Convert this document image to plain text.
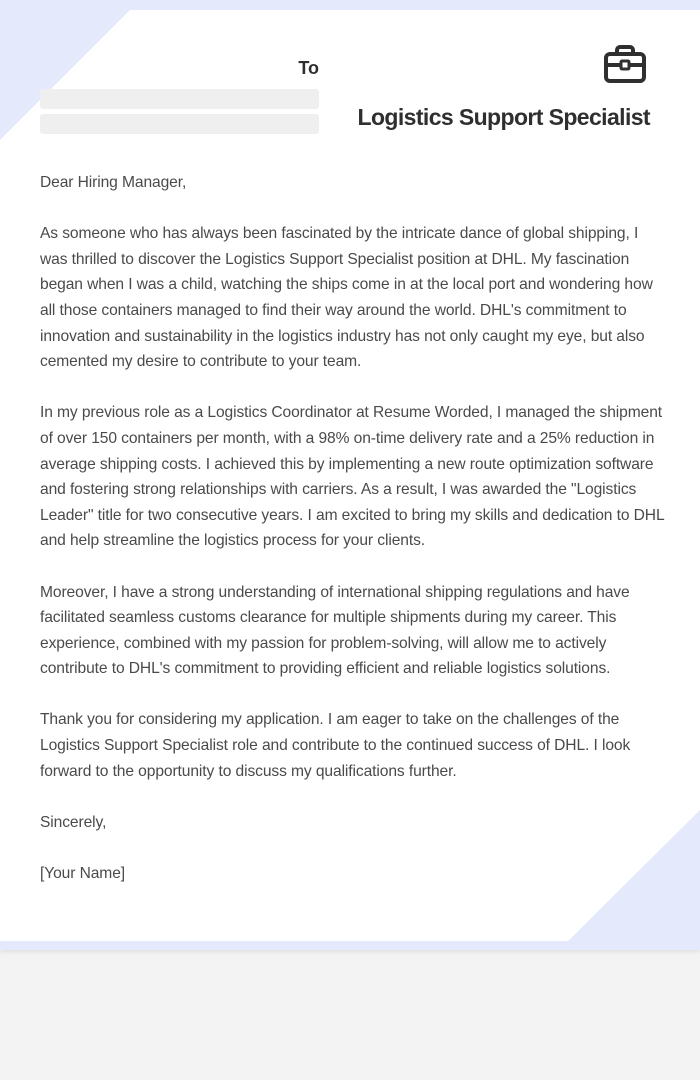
To
Logistics Support Specialist

Dear Hiring Manager,

As someone who has always been fascinated by the intricate dance of global shipping, I was thrilled to discover the Logistics Support Specialist position at DHL. My fascination began when I was a child, watching the ships come in at the local port and wondering how all those containers managed to find their way around the world. DHL's commitment to innovation and sustainability in the logistics industry has not only caught my eye, but also cemented my desire to contribute to your team.

In my previous role as a Logistics Coordinator at Resume Worded, I managed the shipment of over 150 containers per month, with a 98% on-time delivery rate and a 25% reduction in average shipping costs. I achieved this by implementing a new route optimization software and fostering strong relationships with carriers. As a result, I was awarded the "Logistics Leader" title for two consecutive years. I am excited to bring my skills and dedication to DHL and help streamline the logistics process for your clients.

Moreover, I have a strong understanding of international shipping regulations and have facilitated seamless customs clearance for multiple shipments during my career. This experience, combined with my passion for problem-solving, will allow me to actively contribute to DHL's commitment to providing efficient and reliable logistics solutions.

Thank you for considering my application. I am eager to take on the challenges of the Logistics Support Specialist role and contribute to the continued success of DHL. I look forward to the opportunity to discuss my qualifications further.

Sincerely,

[Your Name]
